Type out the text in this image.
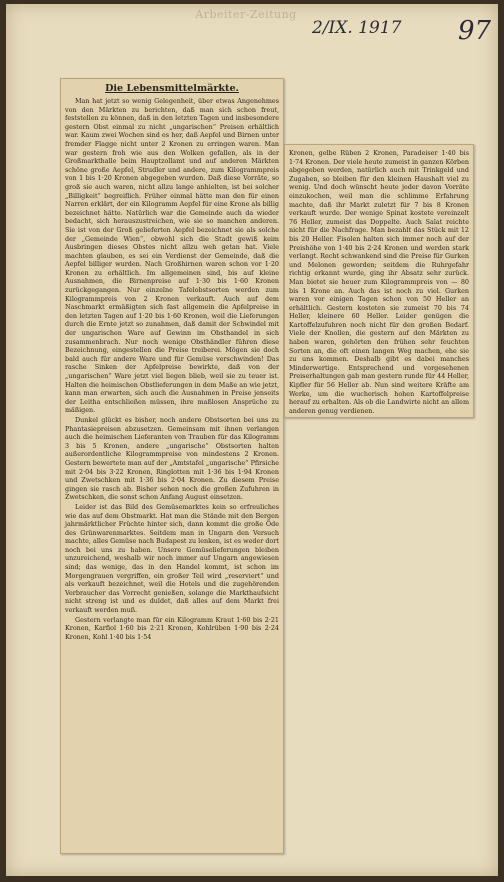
Arbeiter-Zeitung
2/IX. 1917 97
Die Lebensmittelmärkte.

Man hat jetzt so wenig Gelegenheit, über etwas Angenehmes von den Märkten zu berichten, daß man sich schon freut, feststellen zu können, daß in den letzten Tagen und insbesondere gestern Obst einmal zu nicht „ungarischen“ Preisen erhältlich war. Kaum zwei Wochen sind es her, daß Aepfel und Birnen unter fremder Flagge nicht unter 2 Kronen zu erringen waren. Man war gestern froh wie aus den Wolken gefallen, als in der Großmarkthalle beim Hauptzollamt und auf anderen Märkten schöne große Aepfel, Strudler und andere, zum Kilogrammpreis von 1 bis 1·20 Kronen abgegeben wurden. Daß diese Vorräte, so groß sie auch waren, nicht allzu lange anhielten, ist bei solcher „Billigkeit“ begreiflich. Früher einmal hätte man den für einen Narren erklärt, der ein Kilogramm Aepfel für eine Krone als billig bezeichnet hätte. Natürlich war die Gemeinde auch da wieder bedacht, sich herauszustreichen, wie sie so manchen anderen. Sie ist von der Groß gelieferten Aepfel bezeichnet sie als solche der „Gemeinde Wien“, obwohl sich die Stadt gewiß keim Ausbringen dieses Obstes nicht allzu weh getan hat. Viele machten glauben, es sei ein Verdienst der Gemeinde, daß die Aepfel billiger wurden. Nach Großhirnen waren schon vor 1·20 Kronen zu erhältlich. Im allgemeinen sind, bis auf kleine Ausnahmen, die Birnenpreise auf 1·30 bis 1·60 Kronen zurückgegangen. Nur einzelne Tafelobstsorten werden zum Kilogrammpreis von 2 Kronen verkauft. Auch auf dem Naschmarkt ermäßigten sich fast allgemein die Apfelpreise in den letzten Tagen auf 1·20 bis 1·60 Kronen, weil die Lieferungen durch die Ernte jetzt so zunahmen, daß damit der Schwindel mit der ungarischen Ware auf Gewinn im Obsthandel in sich zusammenbrach. Nur noch wenige Obsthändler führen diese Bezeichnung, eingestellen die Preise treiberei. Mögen sie doch bald auch für andere Ware und für Gemüse verschwinden! Das rasche Sinken der Apfelpreise bewirkte, daß von der „ungarischen“ Ware jetzt viel liegen blieb, weil sie zu teuer ist. Halten die heimischen Obstlieferungen in dem Maße an wie jetzt, kann man erwarten, sich auch die Ausnahmen in Preise jenseits der Leitha entschließen müssen, ihre maßlosen Ansprüche zu mäßigen.

Dunkel glückt es bisher, noch andere Obstsorten bei uns zu Phantasiepreisen abzusetzen. Gemeinsam mit ihnen verlangen auch die heimischen Lieferanten von Trauben für das Kilogramm 3 bis 5 Kronen, andere „ungarische“ Obstsorten halten außerordentliche Kilogrammpreise von mindestens 2 Kronen. Gestern bewertete man auf der „Amtstafel „ungarische“ Pfirsiche mit 2·04 bis 3·22 Kronen, Ringlotten mit 1·36 bis 1·94 Kronen und Zwetschken mit 1·36 bis 2·04 Kronen. Zu diesem Preise gingen sie rasch ab. Bisher sehen noch die großen Zufuhren in Zwetschken, die sonst schon Anfang August einsetzen.

Leider ist das Bild des Gemüsemarktes kein so erfreuliches wie das auf dem Obstmarkt. Hat man die Stände mit den Bergen jahrmärktlicher Früchte hinter sich, dann kommt die große Öde des Grünwarenmarktes. Seitdem man in Ungarn den Versuch machte, alles Gemüse nach Budapest zu lenken, ist es weder dort noch bei uns zu haben. Unsere Gemüselieferungen bleiben unzureichend, weshalb wir noch immer auf Ungarn angewiesen sind; das wenige, das in den Handel kommt, ist schon im Morgengrauen vergriffen, ein großer Teil wird „reserviert“ und als verkauft bezeichnet, weil die Hotels und die zugehörenden Verbraucher das Vorrecht genießen, solange die Markthaufsicht nicht streng ist und es duldet, daß alles auf dem Markt frei verkauft werden muß.

Gestern verlangte man für ein Kilogramm Kraut 1·60 bis 2·21 Kronen, Karfiol 1·60 bis 2·21 Kronen, Kohlrüben 1·90 bis 2·24 Kronen, Kohl 1·40 bis 1·54

Kronen, gelbe Rüben 2 Kronen, Paradeiser 1·40 bis 1·74 Kronen. Der viele heute zumeist in ganzen Körben abgegeben werden, natürlich auch mit Trinkgeld und Zugaben, so bleiben für den kleinen Haushalt viel zu wenig. Und doch wünscht heute jeder davon Vorräte einzukochen, weil man die schlimme Erfahrung machte, daß ihr Markt zuletzt für 7 bis 8 Kronen verkauft wurde. Der wenige Spinat kostete vereinzelt 76 Heller, zumeist das Doppelte. Auch Salat reichte nicht für die Nachfrage. Man bezahlt das Stück mit 12 bis 20 Heller. Fisolen halten sich immer noch auf der Preishöhe von 1·40 bis 2·24 Kronen und werden stark verlangt. Recht schwankend sind die Preise für Gurken und Melonen geworden; seitdem die Ruhrgefahr richtig erkannt wurde, ging ihr Absatz sehr zurück. Man bietet sie heuer zum Kilogrammpreis von — 80 bis 1 Krone an. Auch das ist noch zu viel. Gurken waren vor einigen Tagen schon von 50 Heller an erhältlich. Gestern kosteten sie zumeist 70 bis 74 Heller, kleinere 60 Heller. Leider genügen die Kartoffelzufuhren noch nicht für den großen Bedarf. Viele der Knollen, die gestern auf den Märkten zu haben waren, gehörten den frühen sehr feuchten Sorten an, die oft einen langen Weg machen, ehe sie zu uns kommen. Deshalb gibt es dabei manches Minderwertige. Entsprechend und vorgesehenen Preiserhaltungen gab man gestern runde für 44 Heller, Kipfler für 56 Heller ab. Nun sind weitere Kräfte am Werke, um die wucherisch hohen Kartoffelpreise herauf zu erhalten. Als ob die Landwirte nicht an allem anderen genug verdienen.
